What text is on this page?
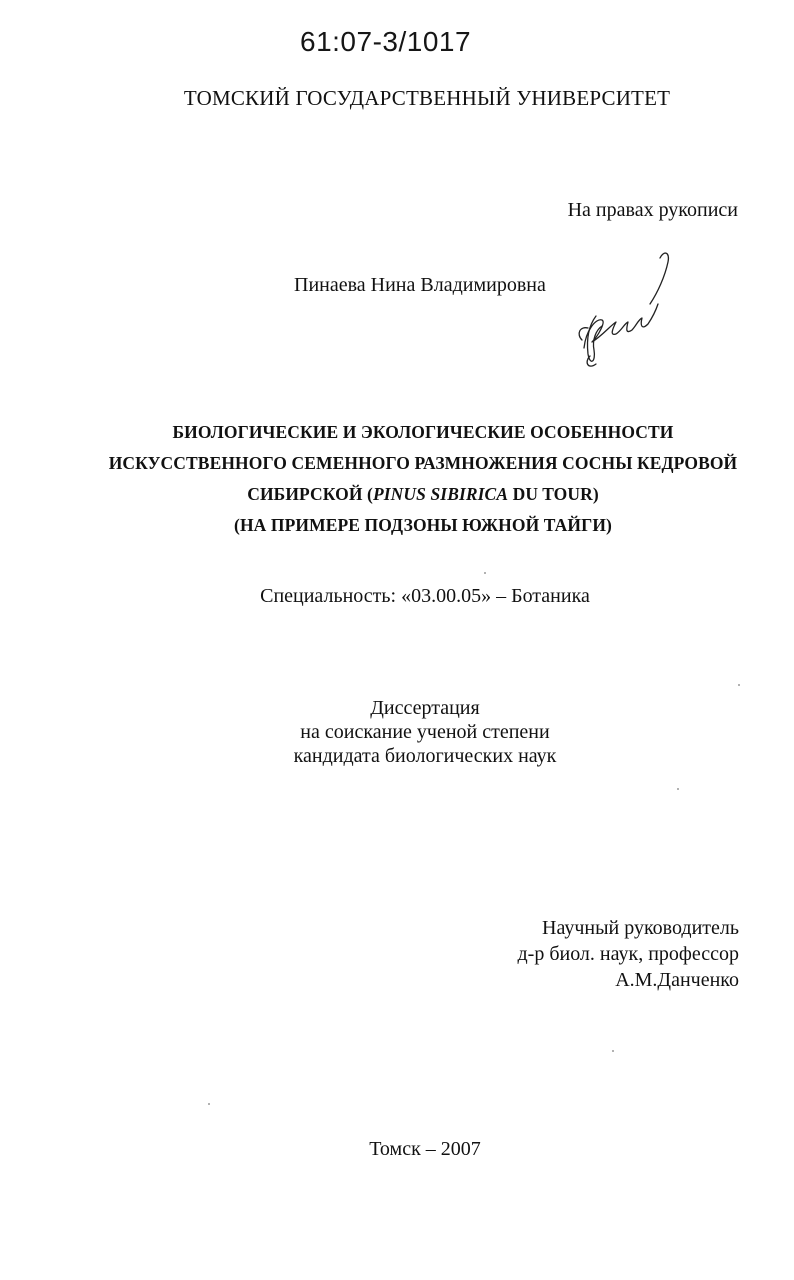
61:07-3/1017
ТОМСКИЙ ГОСУДАРСТВЕННЫЙ УНИВЕРСИТЕТ
На правах рукописи
Пинаева Нина Владимировна
БИОЛОГИЧЕСКИЕ И ЭКОЛОГИЧЕСКИЕ ОСОБЕННОСТИ
ИСКУССТВЕННОГО СЕМЕННОГО РАЗМНОЖЕНИЯ СОСНЫ КЕДРОВОЙ
СИБИРСКОЙ (PINUS SIBIRICA DU TOUR)
(НА ПРИМЕРЕ ПОДЗОНЫ ЮЖНОЙ ТАЙГИ)
Специальность: «03.00.05» – Ботаника
Диссертация
на соискание ученой степени
кандидата биологических наук
Научный руководитель
д-р биол. наук, профессор
А.М.Данченко
Томск – 2007
